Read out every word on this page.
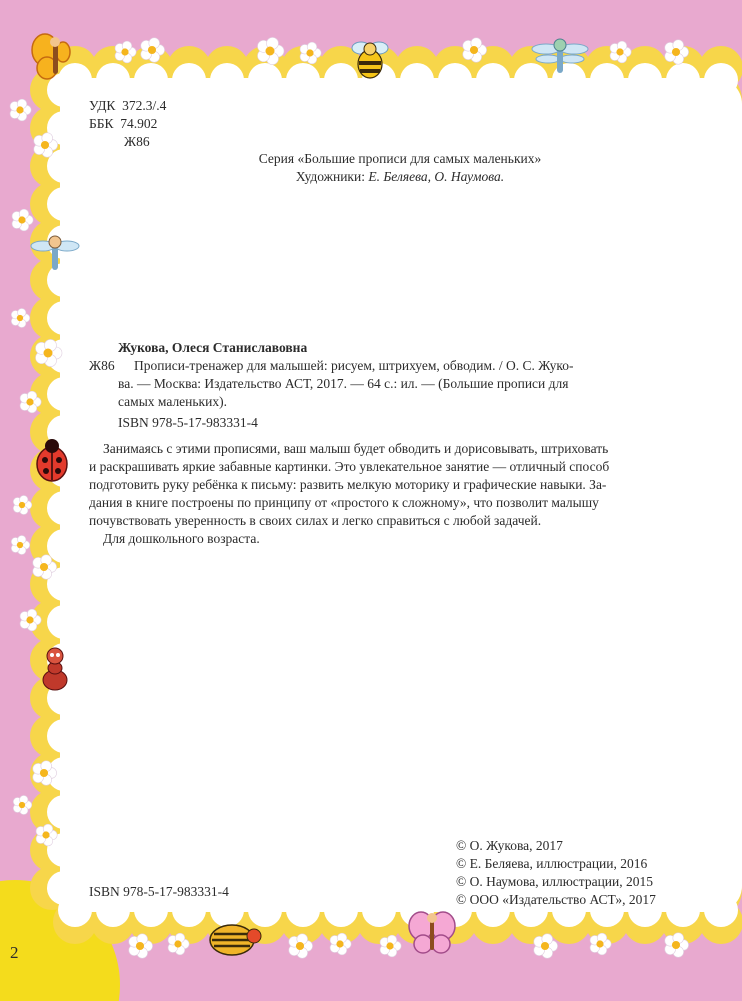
УДК 372.3/.4
ББК 74.902
Ж86
Серия «Большие прописи для самых маленьких»
Художники: Е. Беляева, О. Наумова.
Жукова, Олеся Станиславовна
Ж86 Прописи-тренажер для малышей: рисуем, штрихуем, обводим. / О. С. Жуко-
ва. — Москва: Издательство АСТ, 2017. — 64 с.: ил. — (Большие прописи для
самых маленьких).
ISBN 978-5-17-983331-4
Занимаясь с этими прописями, ваш малыш будет обводить и дорисовывать, штриховать
и раскрашивать яркие забавные картинки. Это увлекательное занятие — отличный способ
подготовить руку ребёнка к письму: развить мелкую моторику и графические навыки. За-
дания в книге построены по принципу от «простого к сложному», что позволит малышу
почувствовать уверенность в своих силах и легко справиться с любой задачей.
Для дошкольного возраста.
ISBN 978-5-17-983331-4
© О. Жукова, 2017
© Е. Беляева, иллюстрации, 2016
© О. Наумова, иллюстрации, 2015
© ООО «Издательство АСТ», 2017
2
